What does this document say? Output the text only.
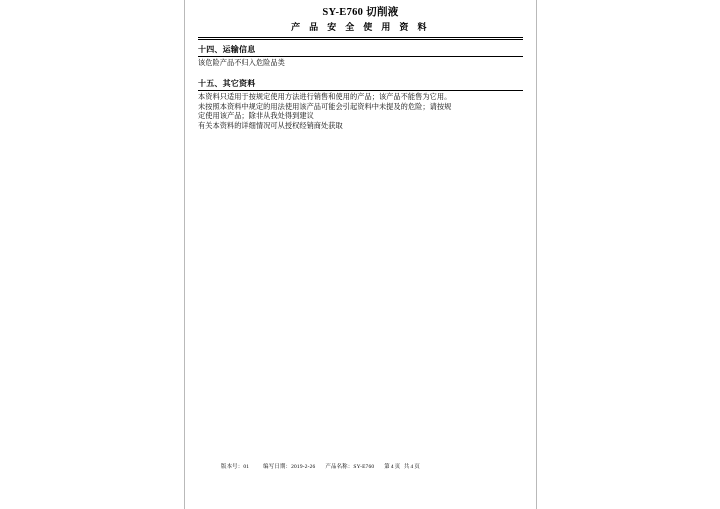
SY-E760 切削液
产 品 安 全 使 用 资 料
十四、运输信息

该危险产品不归入危险品类

十五、其它资料

本资料只适用于按规定使用方法进行销售和使用的产品；该产品不能售为它用。

未按照本资料中规定的用法使用该产品可能会引起资料中未提及的危险；请按规

定使用该产品；除非从我处得到建议

有关本资料的详细情况可从授权经销商处获取

版本号：01	编写日期：2019-2-26 产品名称：SY-E760 第4页 共4页
